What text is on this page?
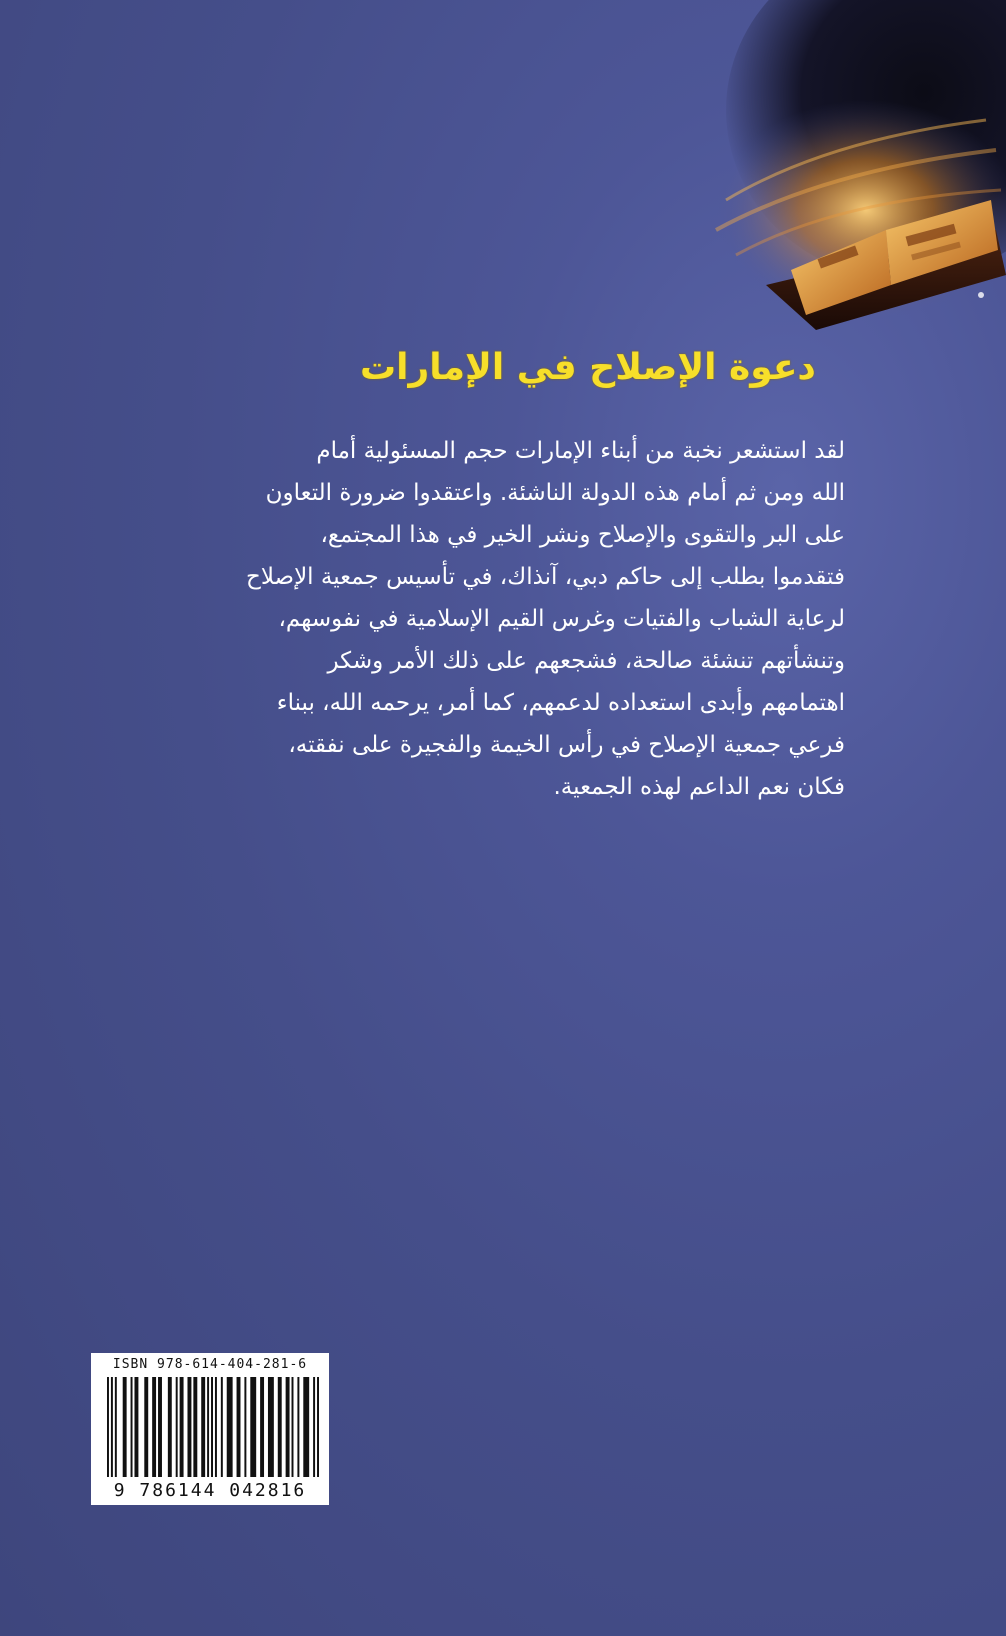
دعوة الإصلاح في الإمارات

لقد استشعر نخبة من أبناء الإمارات حجم المسئولية أمام
الله ومن ثم أمام هذه الدولة الناشئة. واعتقدوا ضرورة التعاون
على البر والتقوى والإصلاح ونشر الخير في هذا المجتمع،
فتقدموا بطلب إلى حاكم دبي، آنذاك، في تأسيس جمعية الإصلاح
لرعاية الشباب والفتيات وغرس القيم الإسلامية في نفوسهم،
وتنشأتهم تنشئة صالحة، فشجعهم على ذلك الأمر وشكر
اهتمامهم وأبدى استعداده لدعمهم، كما أمر، يرحمه الله، ببناء
فرعي جمعية الإصلاح في رأس الخيمة والفجيرة على نفقته،
فكان نعم الداعم لهذه الجمعية.

ISBN 978-614-404-281-6
9 786144 042816
